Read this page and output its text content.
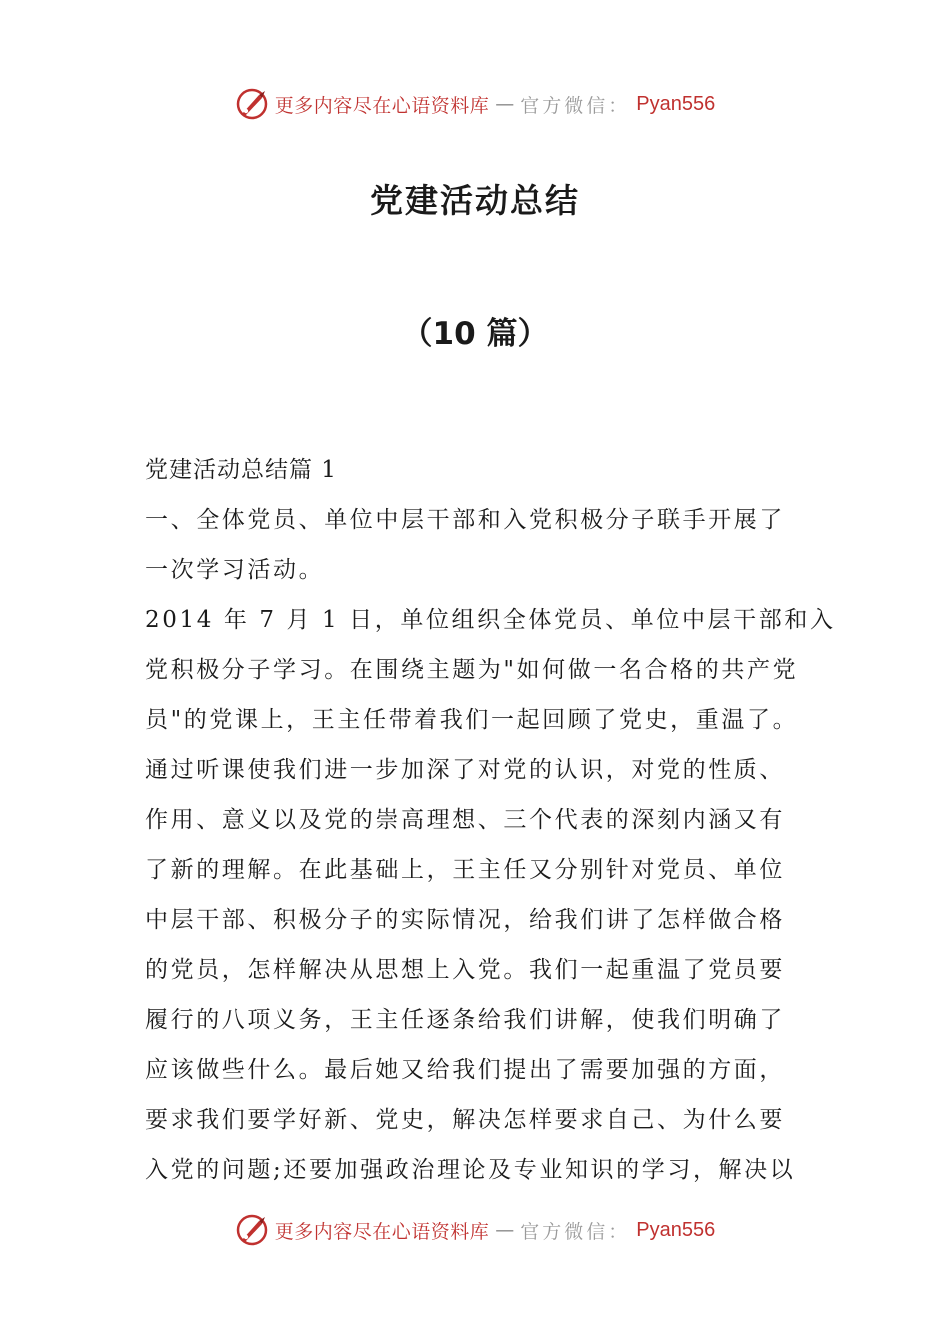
更多内容尽在心语资料库 — 官方微信： Pyan556
党建活动总结
（10 篇）
党建活动总结篇 1
一、全体党员、单位中层干部和入党积极分子联手开展了
一次学习活动。
2014 年 7 月 1 日，单位组织全体党员、单位中层干部和入
党积极分子学习。在围绕主题为"如何做一名合格的共产党
员"的党课上，王主任带着我们一起回顾了党史，重温了。
通过听课使我们进一步加深了对党的认识，对党的性质、
作用、意义以及党的崇高理想、三个代表的深刻内涵又有
了新的理解。在此基础上，王主任又分别针对党员、单位
中层干部、积极分子的实际情况，给我们讲了怎样做合格
的党员，怎样解决从思想上入党。我们一起重温了党员要
履行的八项义务，王主任逐条给我们讲解，使我们明确了
应该做些什么。最后她又给我们提出了需要加强的方面，
要求我们要学好新、党史，解决怎样要求自己、为什么要
入党的问题;还要加强政治理论及专业知识的学习，解决以
更多内容尽在心语资料库 — 官方微信： Pyan556
